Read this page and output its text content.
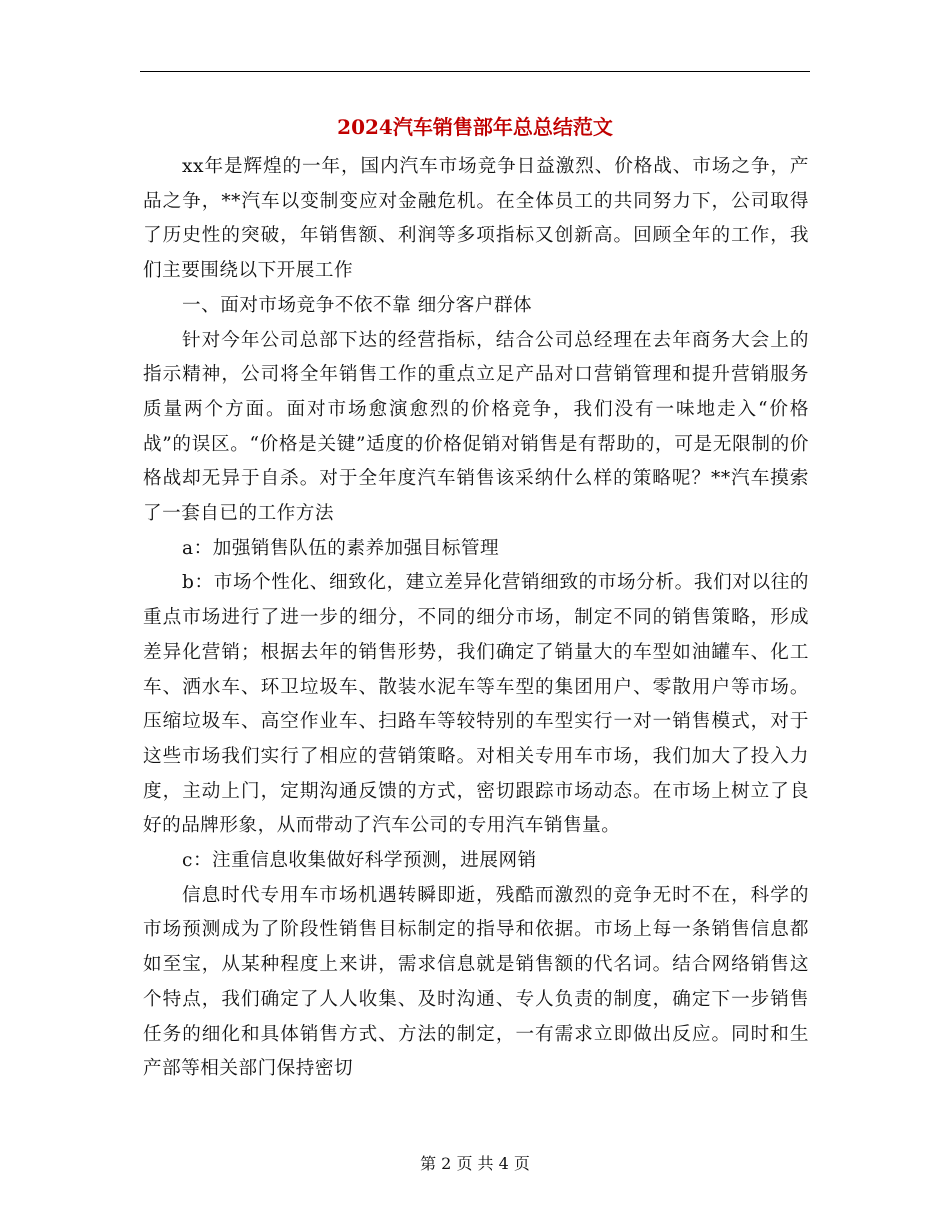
2024汽车销售部年总总结范文

xx年是辉煌的一年，国内汽车市场竞争日益激烈、价格战、市场之争，产品之争，**汽车以变制变应对金融危机。在全体员工的共同努力下，公司取得了历史性的突破，年销售额、利润等多项指标又创新高。回顾全年的工作，我们主要围绕以下开展工作

一、面对市场竞争不依不靠 细分客户群体

针对今年公司总部下达的经营指标，结合公司总经理在去年商务大会上的指示精神，公司将全年销售工作的重点立足产品对口营销管理和提升营销服务质量两个方面。面对市场愈演愈烈的价格竞争，我们没有一味地走入“价格战”的误区。“价格是关键”适度的价格促销对销售是有帮助的，可是无限制的价格战却无异于自杀。对于全年度汽车销售该采纳什么样的策略呢？**汽车摸索了一套自已的工作方法

a：加强销售队伍的素养加强目标管理

b：市场个性化、细致化，建立差异化营销细致的市场分析。我们对以往的重点市场进行了进一步的细分，不同的细分市场，制定不同的销售策略，形成差异化营销；根据去年的销售形势，我们确定了销量大的车型如油罐车、化工车、洒水车、环卫垃圾车、散装水泥车等车型的集团用户、零散用户等市场。压缩垃圾车、高空作业车、扫路车等较特别的车型实行一对一销售模式，对于这些市场我们实行了相应的营销策略。对相关专用车市场，我们加大了投入力度，主动上门，定期沟通反馈的方式，密切跟踪市场动态。在市场上树立了良好的品牌形象，从而带动了汽车公司的专用汽车销售量。

c：注重信息收集做好科学预测，进展网销

信息时代专用车市场机遇转瞬即逝，残酷而激烈的竞争无时不在，科学的市场预测成为了阶段性销售目标制定的指导和依据。市场上每一条销售信息都如至宝，从某种程度上来讲，需求信息就是销售额的代名词。结合网络销售这个特点，我们确定了人人收集、及时沟通、专人负责的制度，确定下一步销售任务的细化和具体销售方式、方法的制定，一有需求立即做出反应。同时和生产部等相关部门保持密切

第 2 页 共 4 页
